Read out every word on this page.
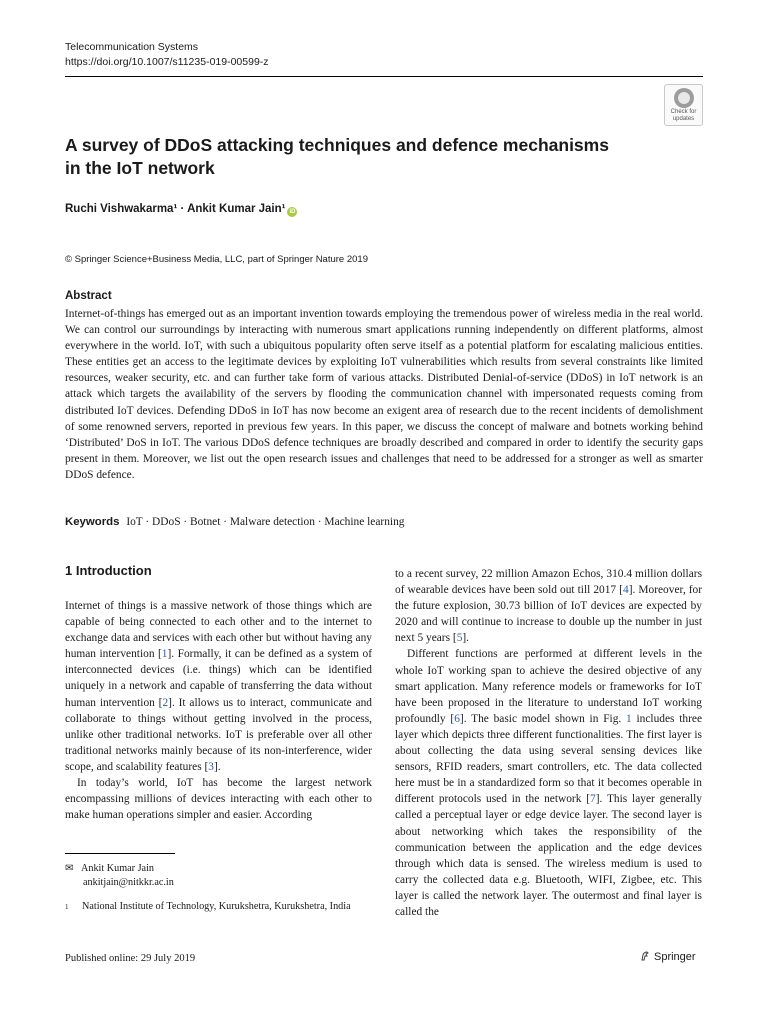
Telecommunication Systems
https://doi.org/10.1007/s11235-019-00599-z
Check for
updates
A survey of DDoS attacking techniques and defence mechanisms in the IoT network
Ruchi Vishwakarma¹ · Ankit Kumar Jain¹ iD
© Springer Science+Business Media, LLC, part of Springer Nature 2019
Abstract
Internet-of-things has emerged out as an important invention towards employing the tremendous power of wireless media in the real world. We can control our surroundings by interacting with numerous smart applications running independently on different platforms, almost everywhere in the world. IoT, with such a ubiquitous popularity often serve itself as a potential platform for escalating malicious entities. These entities get an access to the legitimate devices by exploiting IoT vulnerabilities which results from several constraints like limited resources, weaker security, etc. and can further take form of various attacks. Distributed Denial-of-service (DDoS) in IoT network is an attack which targets the availability of the servers by flooding the communication channel with impersonated requests coming from distributed IoT devices. Defending DDoS in IoT has now become an exigent area of research due to the recent incidents of demolishment of some renowned servers, reported in previous few years. In this paper, we discuss the concept of malware and botnets working behind ‘Distributed’ DoS in IoT. The various DDoS defence techniques are broadly described and compared in order to identify the security gaps present in them. Moreover, we list out the open research issues and challenges that need to be addressed for a stronger as well as smarter DDoS defence.
Keywords IoT · DDoS · Botnet · Malware detection · Machine learning
1 Introduction

Internet of things is a massive network of those things which are capable of being connected to each other and to the internet to exchange data and services with each other but without having any human intervention [1]. Formally, it can be defined as a system of interconnected devices (i.e. things) which can be identified uniquely in a network and capable of transferring the data without human intervention [2]. It allows us to interact, communicate and collaborate to things without getting involved in the process, unlike other traditional networks. IoT is preferable over all other traditional networks mainly because of its non-interference, wider scope, and scalability features [3].

In today’s world, IoT has become the largest network encompassing millions of devices interacting with each other to make human operations simpler and easier. According

to a recent survey, 22 million Amazon Echos, 310.4 million dollars of wearable devices have been sold out till 2017 [4]. Moreover, for the future explosion, 30.73 billion of IoT devices are expected by 2020 and will continue to increase to double up the number in just next 5 years [5].

Different functions are performed at different levels in the whole IoT working span to achieve the desired objective of any smart application. Many reference models or frameworks for IoT have been proposed in the literature to understand IoT working profoundly [6]. The basic model shown in Fig. 1 includes three layer which depicts three different functionalities. The first layer is about collecting the data using several sensing devices like sensors, RFID readers, smart controllers, etc. The data collected here must be in a standardized form so that it becomes operable in different protocols used in the network [7]. This layer generally called a perceptual layer or edge device layer. The second layer is about networking which takes the responsibility of the communication between the application and the edge devices through which data is sensed. The wireless medium is used to carry the collected data e.g. Bluetooth, WIFI, Zigbee, etc. This layer is called the network layer. The outermost and final layer is called the

✉ Ankit Kumar Jain
ankitjain@nitkkr.ac.in
1 National Institute of Technology, Kurukshetra, Kurukshetra, India
Published online: 29 July 2019	Springer
